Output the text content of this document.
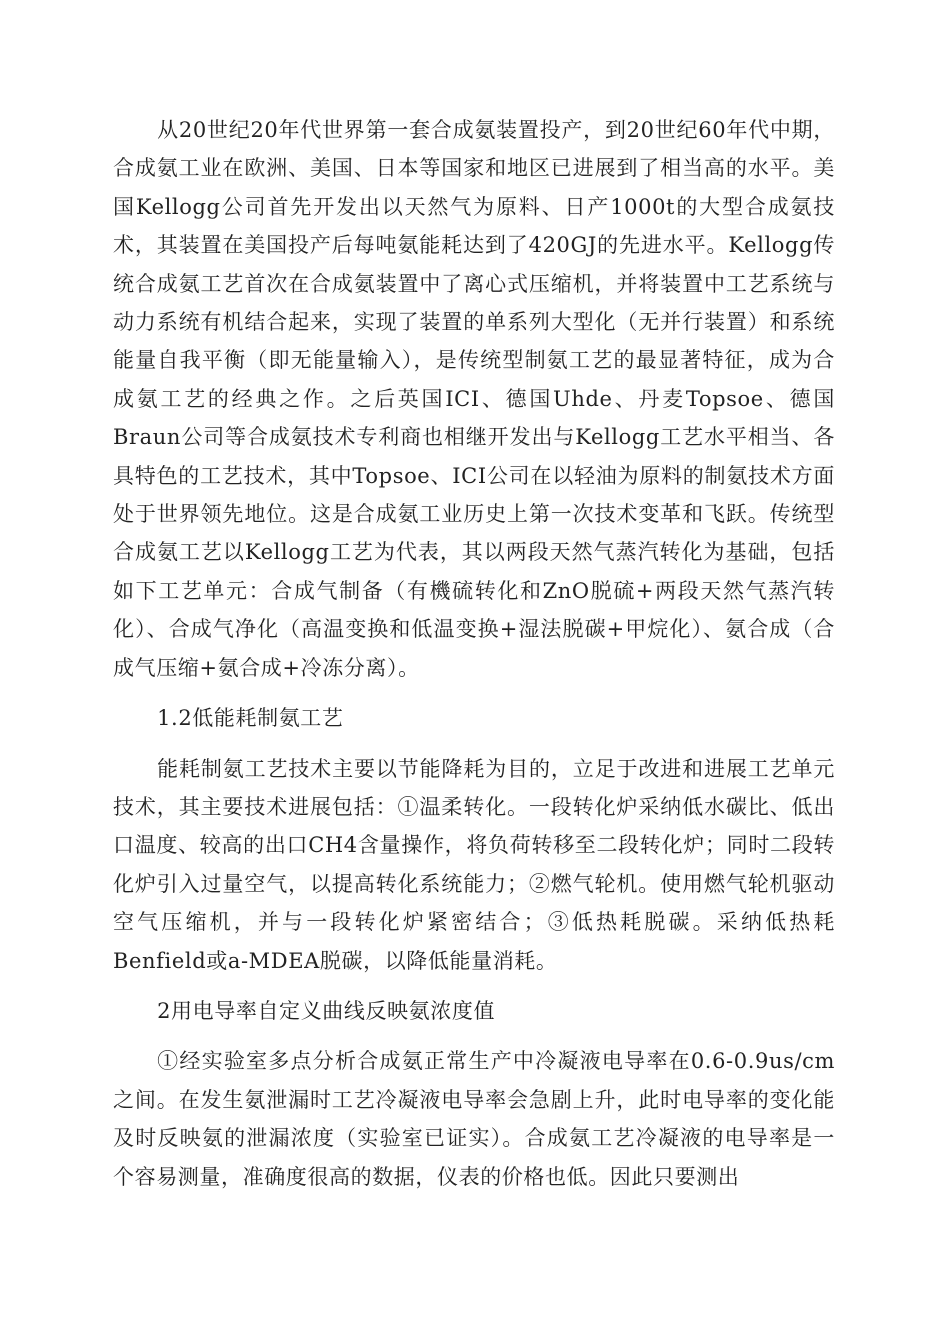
从20世纪20年代世界第一套合成氨装置投产，到20世纪60年代中期，合成氨工业在欧洲、美国、日本等国家和地区已进展到了相当高的水平。美国Kellogg公司首先开发出以天然气为原料、日产1000t的大型合成氨技术，其装置在美国投产后每吨氨能耗达到了420GJ的先进水平。Kellogg传统合成氨工艺首次在合成氨装置中了离心式压缩机，并将装置中工艺系统与动力系统有机结合起来，实现了装置的单系列大型化（无并行装置）和系统能量自我平衡（即无能量输入），是传统型制氨工艺的最显著特征，成为合成氨工艺的经典之作。之后英国ICI、德国Uhde、丹麦Topsoe、德国Braun公司等合成氨技术专利商也相继开发出与Kellogg工艺水平相当、各具特色的工艺技术，其中Topsoe、ICI公司在以轻油为原料的制氨技术方面处于世界领先地位。这是合成氨工业历史上第一次技术变革和飞跃。传统型合成氨工艺以Kellogg工艺为代表，其以两段天然气蒸汽转化为基础，包括如下工艺单元：合成气制备（有機硫转化和ZnO脱硫+两段天然气蒸汽转化）、合成气净化（高温变换和低温变换+湿法脱碳+甲烷化）、氨合成（合成气压缩+氨合成+冷冻分离）。

1.2低能耗制氨工艺

能耗制氨工艺技术主要以节能降耗为目的，立足于改进和进展工艺单元技术，其主要技术进展包括：①温柔转化。一段转化炉采纳低水碳比、低出口温度、较高的出口CH4含量操作，将负荷转移至二段转化炉；同时二段转化炉引入过量空气，以提高转化系统能力；②燃气轮机。使用燃气轮机驱动空气压缩机，并与一段转化炉紧密结合；③低热耗脱碳。采纳低热耗Benfield或a-MDEA脱碳，以降低能量消耗。

2用电导率自定义曲线反映氨浓度值

①经实验室多点分析合成氨正常生产中冷凝液电导率在0.6-0.9us/cm之间。在发生氨泄漏时工艺冷凝液电导率会急剧上升，此时电导率的变化能及时反映氨的泄漏浓度（实验室已证实）。合成氨工艺冷凝液的电导率是一个容易测量，准确度很高的数据，仪表的价格也低。因此只要测出
